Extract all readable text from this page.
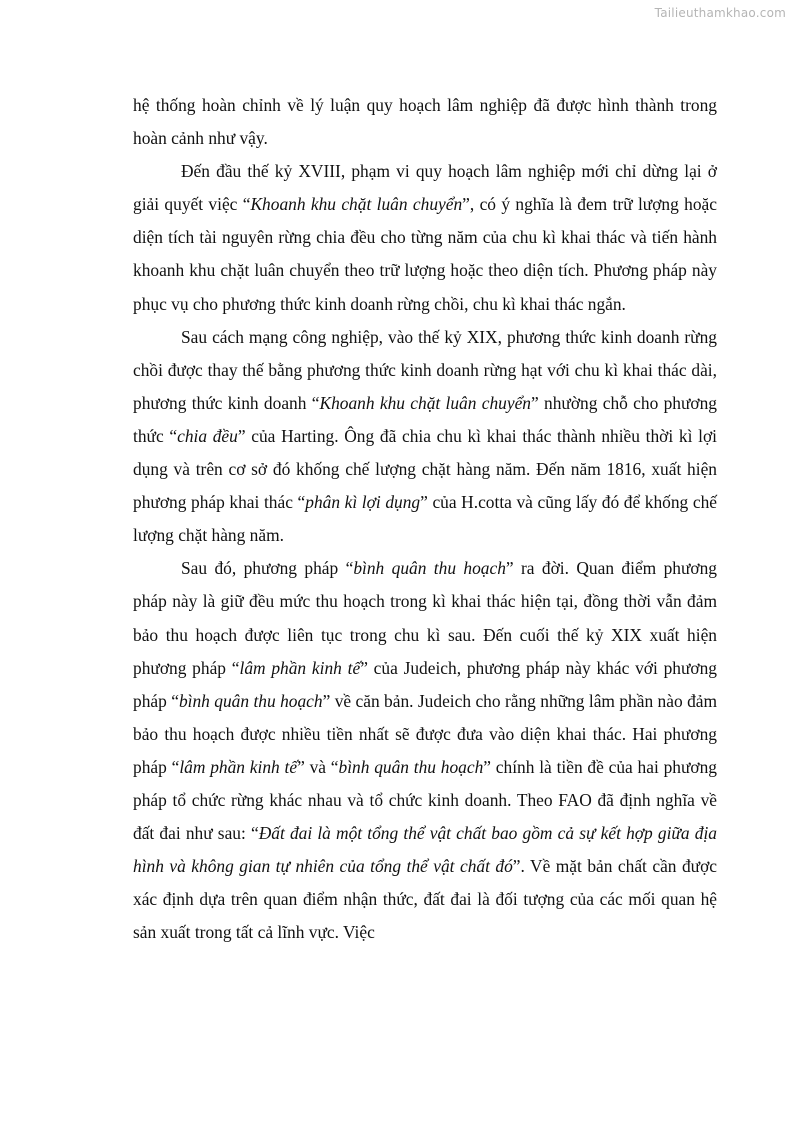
Tailieuthamkhao.com

hệ thống hoàn chỉnh về lý luận quy hoạch lâm nghiệp đã được hình thành trong hoàn cảnh như vậy.

Đến đầu thế kỷ XVIII, phạm vi quy hoạch lâm nghiệp mới chỉ dừng lại ở giải quyết việc “Khoanh khu chặt luân chuyển”, có ý nghĩa là đem trữ lượng hoặc diện tích tài nguyên rừng chia đều cho từng năm của chu kì khai thác và tiến hành khoanh khu chặt luân chuyển theo trữ lượng hoặc theo diện tích. Phương pháp này phục vụ cho phương thức kinh doanh rừng chồi, chu kì khai thác ngắn.

Sau cách mạng công nghiệp, vào thế kỷ XIX, phương thức kinh doanh rừng chồi được thay thế bằng phương thức kinh doanh rừng hạt với chu kì khai thác dài, phương thức kinh doanh “Khoanh khu chặt luân chuyển” nhường chỗ cho phương thức “chia đều” của Harting. Ông đã chia chu kì khai thác thành nhiều thời kì lợi dụng và trên cơ sở đó khống chế lượng chặt hàng năm. Đến năm 1816, xuất hiện phương pháp khai thác “phân kì lợi dụng” của H.cotta và cũng lấy đó để khống chế lượng chặt hàng năm.

Sau đó, phương pháp “bình quân thu hoạch” ra đời. Quan điểm phương pháp này là giữ đều mức thu hoạch trong kì khai thác hiện tại, đồng thời vẫn đảm bảo thu hoạch được liên tục trong chu kì sau. Đến cuối thế kỷ XIX xuất hiện phương pháp “lâm phần kinh tế” của Judeich, phương pháp này khác với phương pháp “bình quân thu hoạch” về căn bản. Judeich cho rằng những lâm phần nào đảm bảo thu hoạch được nhiều tiền nhất sẽ được đưa vào diện khai thác. Hai phương pháp “lâm phần kinh tế” và “bình quân thu hoạch” chính là tiền đề của hai phương pháp tổ chức rừng khác nhau và tổ chức kinh doanh. Theo FAO đã định nghĩa về đất đai như sau: “Đất đai là một tổng thể vật chất bao gồm cả sự kết hợp giữa địa hình và không gian tự nhiên của tổng thể vật chất đó”. Về mặt bản chất cần được xác định dựa trên quan điểm nhận thức, đất đai là đối tượng của các mối quan hệ sản xuất trong tất cả lĩnh vực. Việc
